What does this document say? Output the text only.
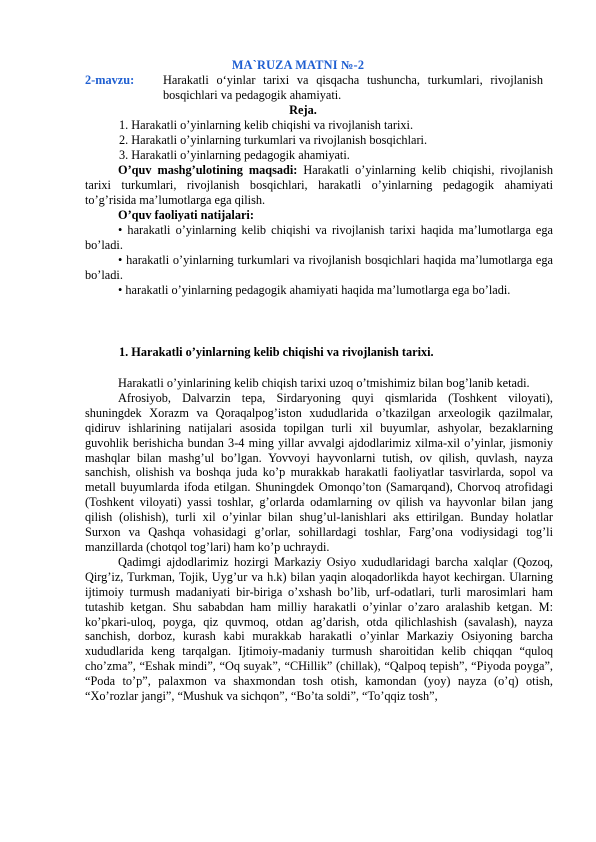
MA`RUZA MATNI №-2
2-mavzu: Harakatli o‘yinlar tarixi va qisqacha tushuncha, turkumlari, rivojlanish bosqichlari va pedagogik ahamiyati.
Reja.
1. Harakatli o’yinlarning kelib chiqishi va rivojlanish tarixi.
2. Harakatli o’yinlarning turkumlari va rivojlanish bosqichlari.
3. Harakatli o’yinlarning pedagogik ahamiyati.

O’quv mashg’ulotining maqsadi: Harakatli o’yinlarning kelib chiqishi, rivojlanish tarixi turkumlari, rivojlanish bosqichlari, harakatli o’yinlarning pedagogik ahamiyati to’g’risida ma’lumotlarga ega qilish.

O’quv faoliyati natijalari:

• harakatli o’yinlarning kelib chiqishi va rivojlanish tarixi haqida ma’lumotlarga ega bo’ladi.

• harakatli o’yinlarning turkumlari va rivojlanish bosqichlari haqida ma’lumotlarga ega bo’ladi.

• harakatli o’yinlarning pedagogik ahamiyati haqida ma’lumotlarga ega bo’ladi.

1. Harakatli o’yinlarning kelib chiqishi va rivojlanish tarixi.

Harakatli o’yinlarining kelib chiqish tarixi uzoq o’tmishimiz bilan bog’lanib ketadi.

Afrosiyob, Dalvarzin tepa, Sirdaryoning quyi qismlarida (Toshkent viloyati), shuningdek Xorazm va Qoraqalpog’iston xududlarida o’tkazilgan arxeologik qazilmalar, qidiruv ishlarining natijalari asosida topilgan turli xil buyumlar, ashyolar, bezaklarning guvohlik berishicha bundan 3-4 ming yillar avvalgi ajdodlarimiz xilma-xil o’yinlar, jismoniy mashqlar bilan mashg’ul bo’lgan. Yovvoyi hayvonlarni tutish, ov qilish, quvlash, nayza sanchish, olishish va boshqa juda ko’p murakkab harakatli faoliyatlar tasvirlarda, sopol va metall buyumlarda ifoda etilgan. Shuningdek Omonqo’ton (Samarqand), Chorvoq atrofidagi (Toshkent viloyati) yassi toshlar, g’orlarda odamlarning ov qilish va hayvonlar bilan jang qilish (olishish), turli xil o’yinlar bilan shug’ul-lanishlari aks ettirilgan. Bunday holatlar Surxon va Qashqa vohasidagi g’orlar, sohillardagi toshlar, Farg’ona vodiysidagi tog’li manzillarda (chotqol tog’lari) ham ko’p uchraydi.

Qadimgi ajdodlarimiz hozirgi Markaziy Osiyo xududlaridagi barcha xalqlar (Qozoq, Qirg’iz, Turkman, Tojik, Uyg’ur va h.k) bilan yaqin aloqadorlikda hayot kechirgan. Ularning ijtimoiy turmush madaniyati bir-biriga o’xshash bo’lib, urf-odatlari, turli marosimlari ham tutashib ketgan. Shu sababdan ham milliy harakatli o’yinlar o’zaro aralashib ketgan. M: ko’pkari-uloq, poyga, qiz quvmoq, otdan ag’darish, otda qilichlashish (savalash), nayza sanchish, dorboz, kurash kabi murakkab harakatli o’yinlar Markaziy Osiyoning barcha xududlarida keng tarqalgan. Ijtimoiy-madaniy turmush sharoitidan kelib chiqqan “quloq cho’zma”, “Eshak mindi”, “Oq suyak”, “CHillik” (chillak), “Qalpoq tepish”, “Piyoda poyga”, “Poda to’p”, palaxmon va shaxmondan tosh otish, kamondan (yoy) nayza (o’q) otish, “Xo’rozlar jangi”, “Mushuk va sichqon”, “Bo’ta soldi”, “To’qqiz tosh”,
